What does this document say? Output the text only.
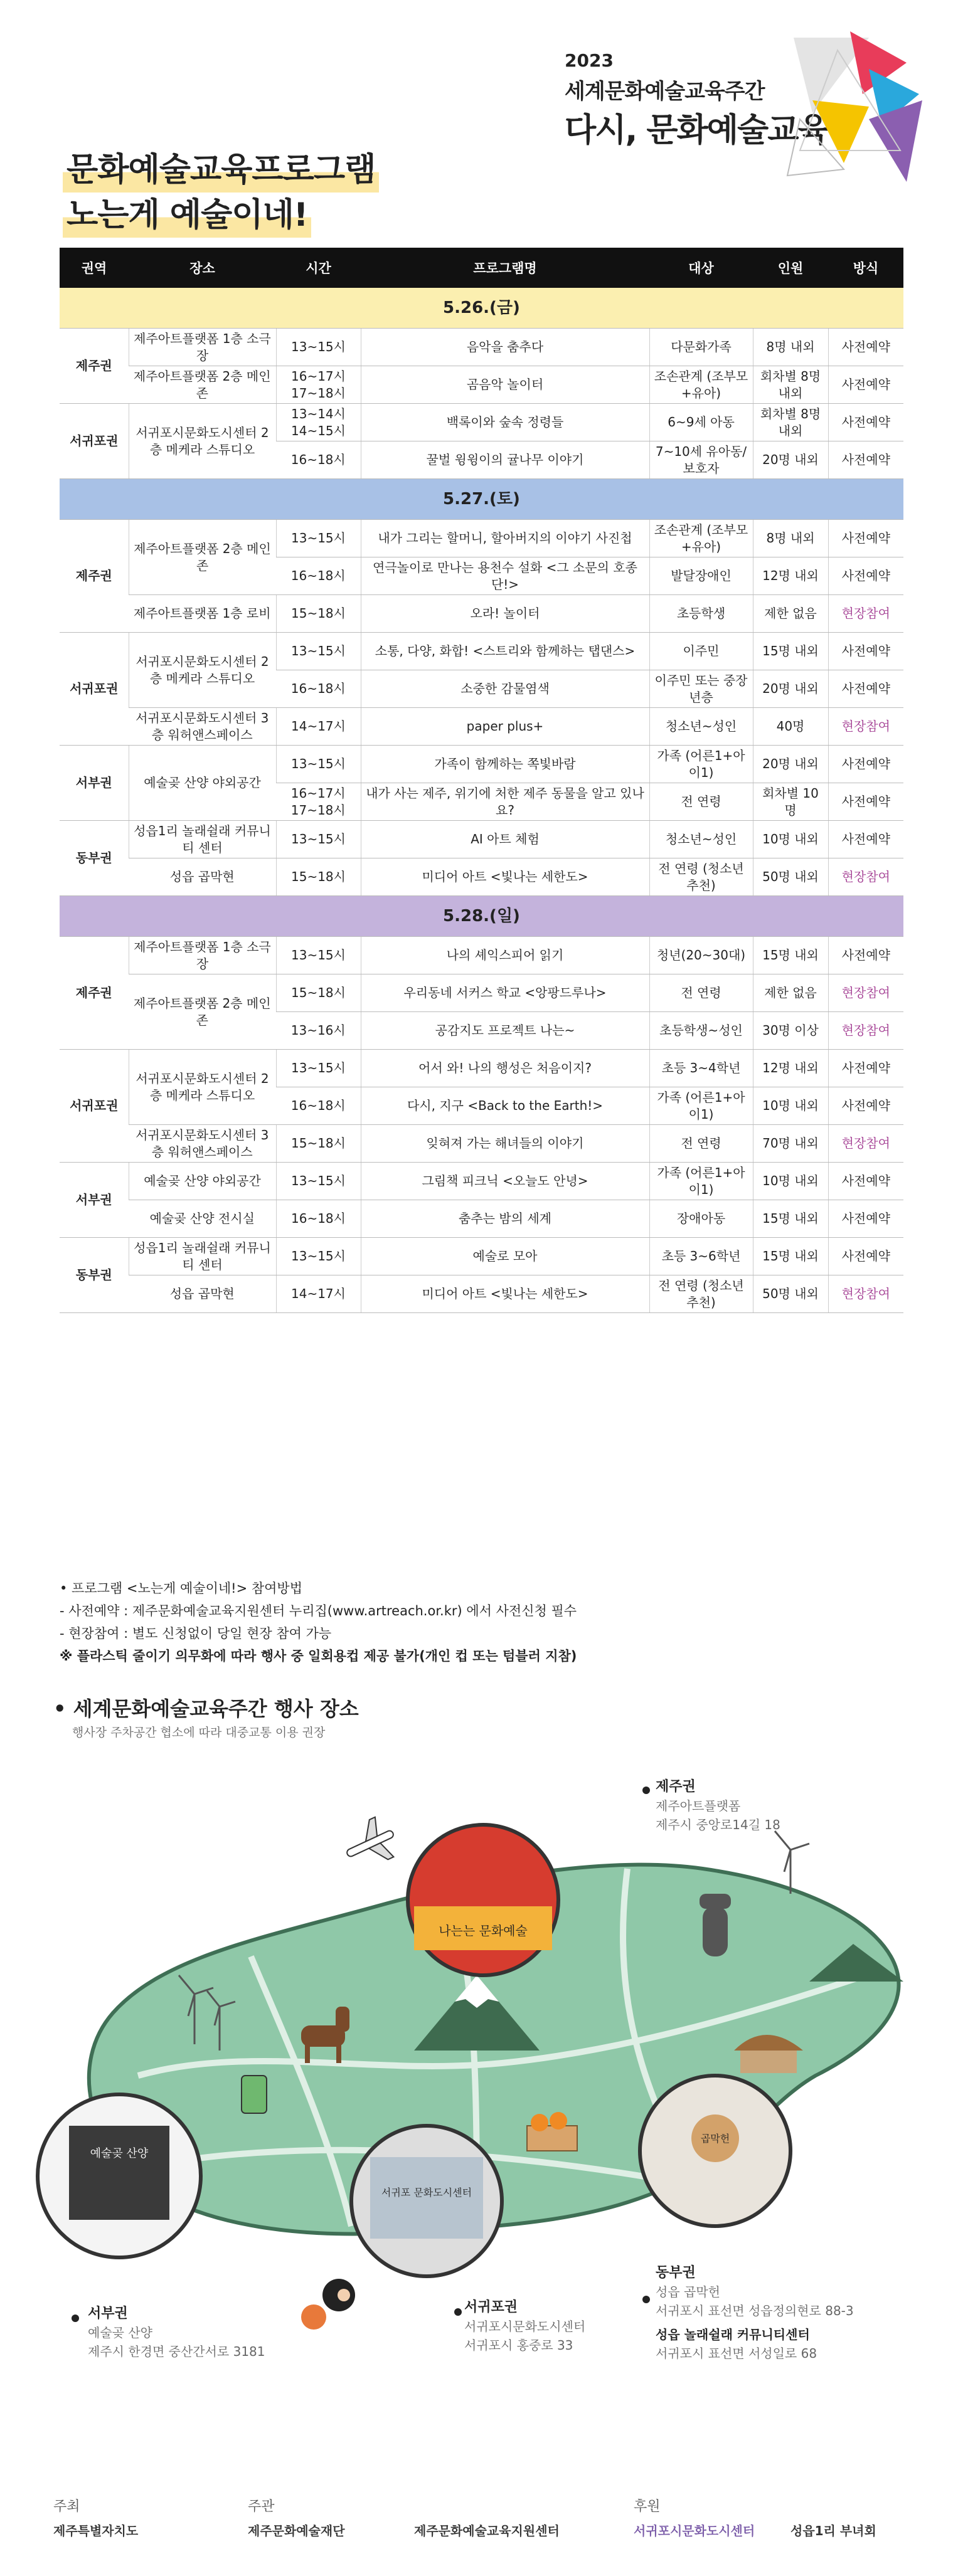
2023
세계문화예술교육주간
다시, 문화예술교육
문화예술교육프로그램
노는게 예술이네!
권역	장소	시간	프로그램명	대상	인원	방식
5.26.(금)						
제주권	제주아트플랫폼 1층 소극장	13~15시	음악을 춤추다	다문화가족	8명 내외	사전예약
	제주아트플랫폼 2층 메인존	16~17시 17~18시	곰음악 놀이터	조손관계 (조부모+유아)	회차별 8명 내외	사전예약
서귀포권	서귀포시문화도시센터 2층 메케라 스튜디오	13~14시 14~15시	백록이와 숲속 정령들	6~9세 아동	회차별 8명 내외	사전예약
		16~18시	꿀벌 윙윙이의 귤나무 이야기	7~10세 유아동/보호자	20명 내외	사전예약
5.27.(토)						
제주권	제주아트플랫폼 2층 메인존	13~15시	내가 그리는 할머니, 할아버지의 이야기 사진첩	조손관계 (조부모+유아)	8명 내외	사전예약
		16~18시	연극놀이로 만나는 용천수 설화 <그 소문의 호종단!>	발달장애인	12명 내외	사전예약
	제주아트플랫폼 1층 로비	15~18시	오라! 놀이터	초등학생	제한 없음	현장참여
서귀포권	서귀포시문화도시센터 2층 메케라 스튜디오	13~15시	소통, 다양, 화합! <스트리와 함께하는 탭댄스>	이주민	15명 내외	사전예약
		16~18시	소중한 감물염색	이주민 또는 중장년층	20명 내외	사전예약
	서귀포시문화도시센터 3층 워허앤스페이스	14~17시	paper plus+	청소년~성인	40명	현장참여
서부권	예술곶 산양 야외공간	13~15시	가족이 함께하는 쪽빛바람	가족 (어른1+아이1)	20명 내외	사전예약
		16~17시 17~18시	내가 사는 제주, 위기에 처한 제주 동물을 알고 있나요?	전 연령	회차별 10명	사전예약
동부권	성읍1리 놀래쉴래 커뮤니티 센터	13~15시	AI 아트 체험	청소년~성인	10명 내외	사전예약
	성읍 곱막현	15~18시	미디어 아트 <빛나는 세한도>	전 연령 (청소년 추천)	50명 내외	현장참여
5.28.(일)						
제주권	제주아트플랫폼 1층 소극장	13~15시	나의 셰익스피어 읽기	청년(20~30대)	15명 내외	사전예약
	제주아트플랫폼 2층 메인존	15~18시	우리동네 서커스 학교 <앙팡드루나>	전 연령	제한 없음	현장참여
		13~16시	공감지도 프로젝트 나는~	초등학생~성인	30명 이상	현장참여
서귀포권	서귀포시문화도시센터 2층 메케라 스튜디오	13~15시	어서 와! 나의 행성은 처음이지?	초등 3~4학년	12명 내외	사전예약
		16~18시	다시, 지구 <Back to the Earth!>	가족 (어른1+아이1)	10명 내외	사전예약
	서귀포시문화도시센터 3층 워허앤스페이스	15~18시	잊혀져 가는 해녀들의 이야기	전 연령	70명 내외	현장참여
서부권	예술곶 산양 야외공간	13~15시	그림책 피크닉 <오늘도 안녕>	가족 (어른1+아이1)	10명 내외	사전예약
	예술곶 산양 전시실	16~18시	춤추는 밤의 세계	장애아동	15명 내외	사전예약
동부권	성읍1리 놀래쉴래 커뮤니티 센터	13~15시	예술로 모아	초등 3~6학년	15명 내외	사전예약
	성읍 곱막현	14~17시	미디어 아트 <빛나는 세한도>	전 연령 (청소년 추천)	50명 내외	현장참여
• 프로그램 <노는게 예술이네!> 참여방법
- 사전예약 : 제주문화예술교육지원센터 누리집(www.artreach.or.kr) 에서 사전신청 필수
- 현장참여 : 별도 신청없이 당일 현장 참여 가능
※ 플라스틱 줄이기 의무화에 따라 행사 중 일회용컵 제공 불가(개인 컵 또는 텀블러 지참)
• 세계문화예술교육주간 행사 장소
행사장 주차공간 협소에 따라 대중교통 이용 권장
나는는 문화예술
예술곶 산양
서귀포 문화도시센터
곱막헌
제주권
제주아트플랫폼
제주시 중앙로14길 18
서부권
예술곶 산양
제주시 한경면 중산간서로 3181
서귀포권
서귀포시문화도시센터
서귀포시 홍중로 33
동부권
성읍 곱막헌
서귀포시 표선면 성읍정의현로 88-3
성읍 놀래쉴래 커뮤니티센터
서귀포시 표선면 서성일로 68
주최
제주특별자치도
주관
제주문화예술재단	제주문화예술교육지원센터
후원
서귀포시문화도시센터	성읍1리 부녀회
